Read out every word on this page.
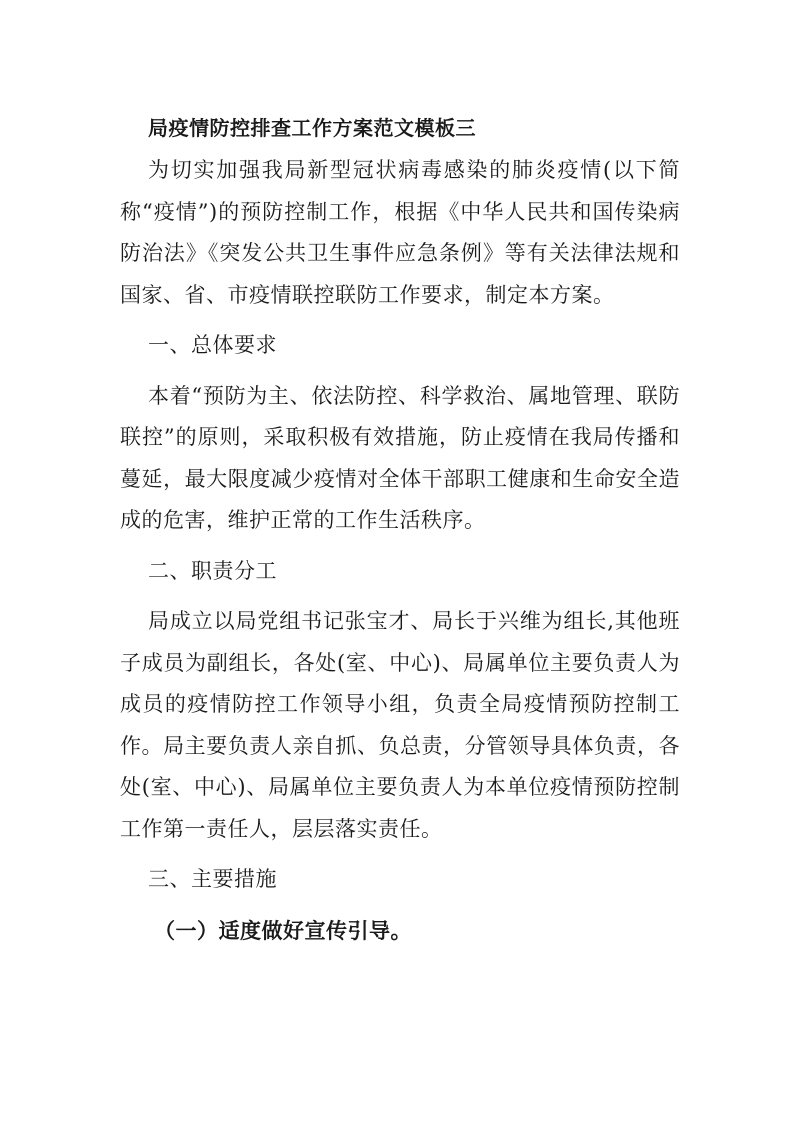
局疫情防控排查工作方案范文模板三

为切实加强我局新型冠状病毒感染的肺炎疫情(以下简称“疫情”)的预防控制工作，根据《中华人民共和国传染病防治法》《突发公共卫生事件应急条例》等有关法律法规和国家、省、市疫情联控联防工作要求，制定本方案。

一、总体要求

本着“预防为主、依法防控、科学救治、属地管理、联防联控”的原则，采取积极有效措施，防止疫情在我局传播和蔓延，最大限度减少疫情对全体干部职工健康和生命安全造成的危害，维护正常的工作生活秩序。

二、职责分工

局成立以局党组书记张宝才、局长于兴维为组长,其他班子成员为副组长，各处(室、中心)、局属单位主要负责人为成员的疫情防控工作领导小组，负责全局疫情预防控制工作。局主要负责人亲自抓、负总责，分管领导具体负责，各处(室、中心)、局属单位主要负责人为本单位疫情预防控制工作第一责任人，层层落实责任。

三、主要措施
（一）适度做好宣传引导。
